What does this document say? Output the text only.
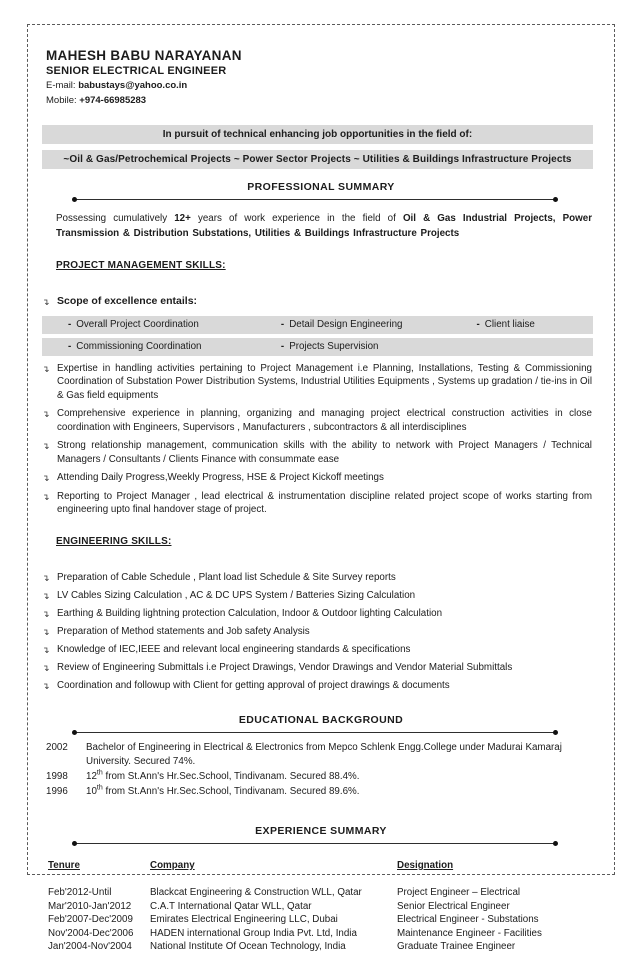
MAHESH BABU NARAYANAN
SENIOR ELECTRICAL ENGINEER
E-mail: babustays@yahoo.co.in
Mobile: +974-66985283
In pursuit of technical enhancing job opportunities in the field of:
~Oil & Gas/Petrochemical Projects ~ Power Sector Projects ~ Utilities & Buildings Infrastructure Projects
PROFESSIONAL SUMMARY
Possessing cumulatively 12+ years of work experience in the field of Oil & Gas Industrial Projects, Power Transmission & Distribution Substations, Utilities & Buildings Infrastructure Projects
PROJECT MANAGEMENT SKILLS:
↴ Scope of excellence entails:
- Overall Project Coordination	- Detail Design Engineering	- Client liaise
- Commissioning Coordination	- Projects Supervision
↴ Expertise in handling activities pertaining to Project Management i.e Planning, Installations, Testing & Commissioning Coordination of Substation Power Distribution Systems, Industrial Utilities Equipments , Systems up gradation / tie-ins in Oil & Gas field equipments
↴ Comprehensive experience in planning, organizing and managing project electrical construction activities in close coordination with Engineers, Supervisors , Manufacturers , subcontractors & all interdisciplines
↴ Strong relationship management, communication skills with the ability to network with Project Managers / Technical Managers / Consultants / Clients Finance with consummate ease
↴ Attending Daily Progress,Weekly Progress, HSE & Project Kickoff meetings
↴ Reporting to Project Manager , lead electrical & instrumentation discipline related project scope of works starting from engineering upto final handover stage of project.
ENGINEERING SKILLS:
↴ Preparation of Cable Schedule , Plant load list Schedule & Site Survey reports
↴ LV Cables Sizing Calculation , AC & DC UPS System / Batteries Sizing Calculation
↴ Earthing & Building lightning protection Calculation, Indoor & Outdoor lighting Calculation
↴ Preparation of Method statements and Job safety Analysis
↴ Knowledge of IEC,IEEE and relevant local engineering standards & specifications
↴ Review of Engineering Submittals i.e Project Drawings, Vendor Drawings and Vendor Material Submittals
↴ Coordination and followup with Client for getting approval of project drawings & documents
EDUCATIONAL BACKGROUND
2002	Bachelor of Engineering in Electrical & Electronics from Mepco Schlenk Engg.College under Madurai Kamaraj University. Secured 74%.
1998	12th from St.Ann's Hr.Sec.School, Tindivanam. Secured 88.4%.
1996	10th from St.Ann's Hr.Sec.School, Tindivanam. Secured 89.6%.
EXPERIENCE SUMMARY
Tenure	Company	Designation
Feb'2012-Until	Blackcat Engineering & Construction WLL, Qatar	Project Engineer – Electrical
Mar'2010-Jan'2012	C.A.T International Qatar WLL, Qatar	Senior Electrical Engineer
Feb'2007-Dec'2009	Emirates Electrical Engineering LLC, Dubai	Electrical Engineer - Substations
Nov'2004-Dec'2006	HADEN international Group India Pvt. Ltd, India	Maintenance Engineer - Facilities
Jan'2004-Nov'2004	National Institute Of Ocean Technology, India	Graduate Trainee Engineer
